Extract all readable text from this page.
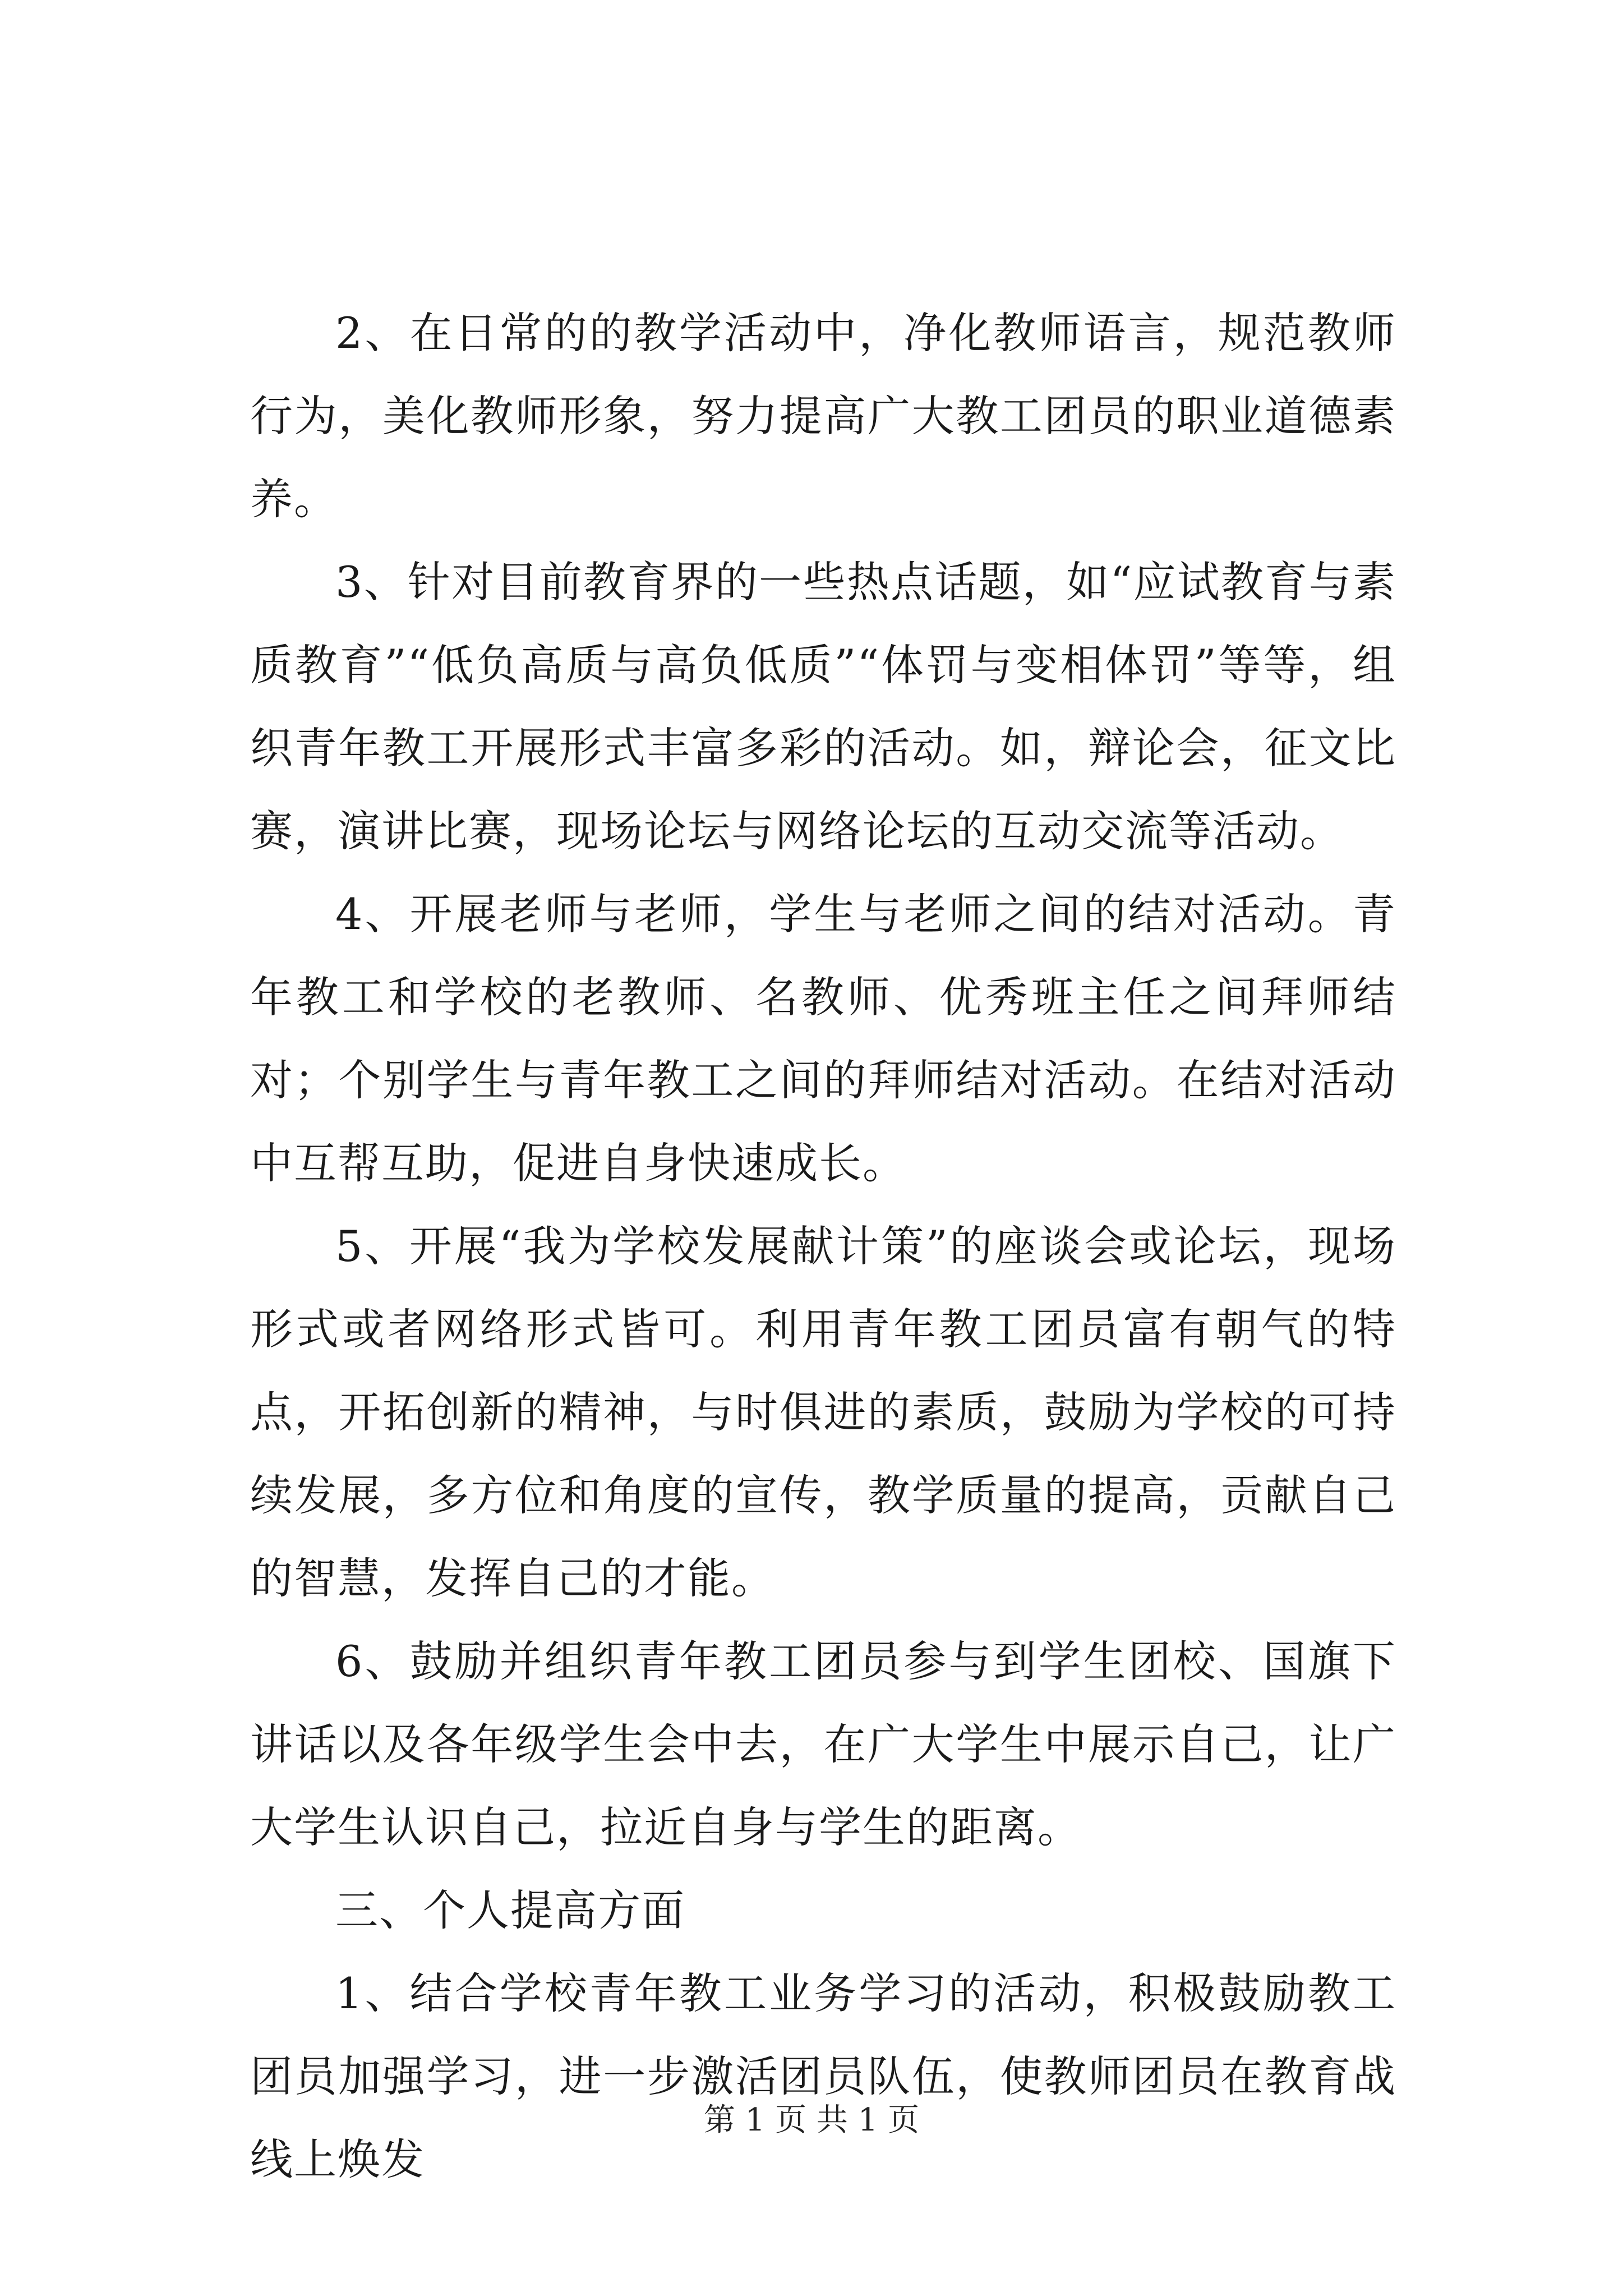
2、在日常的的教学活动中，净化教师语言，规范教师行为，美化教师形象，努力提高广大教工团员的职业道德素养。

3、针对目前教育界的一些热点话题，如“应试教育与素质教育”“低负高质与高负低质”“体罚与变相体罚”等等，组织青年教工开展形式丰富多彩的活动。如，辩论会，征文比赛，演讲比赛，现场论坛与网络论坛的互动交流等活动。

4、开展老师与老师，学生与老师之间的结对活动。青年教工和学校的老教师、名教师、优秀班主任之间拜师结对；个别学生与青年教工之间的拜师结对活动。在结对活动中互帮互助，促进自身快速成长。

5、开展“我为学校发展献计策”的座谈会或论坛，现场形式或者网络形式皆可。利用青年教工团员富有朝气的特点，开拓创新的精神，与时俱进的素质，鼓励为学校的可持续发展，多方位和角度的宣传，教学质量的提高，贡献自己的智慧，发挥自己的才能。

6、鼓励并组织青年教工团员参与到学生团校、国旗下讲话以及各年级学生会中去，在广大学生中展示自己，让广大学生认识自己，拉近自身与学生的距离。

三、个人提高方面

1、结合学校青年教工业务学习的活动，积极鼓励教工团员加强学习，进一步激活团员队伍，使教师团员在教育战线上焕发

第 1 页 共 1 页
